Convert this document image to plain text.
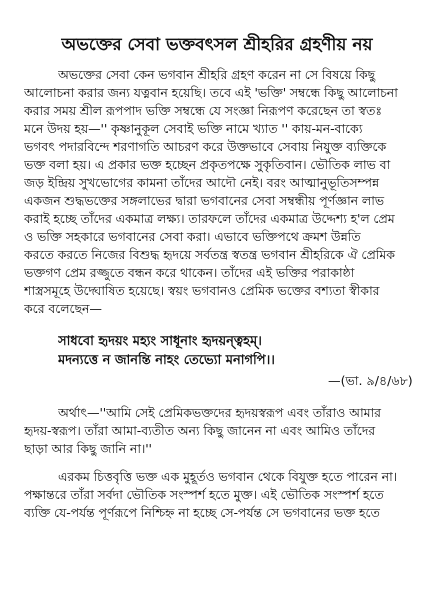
অভক্তের সেবা ভক্তবৎসল শ্রীহরির গ্রহণীয় নয়
অভক্তের সেবা কেন ভগবান শ্রীহরি গ্রহণ করেন না সে বিষয়ে কিছু
আলোচনা করার জন্য যত্নবান হয়েছি। তবে এই 'ভক্তি' সম্বন্ধে কিছু আলোচনা
করার সময় শ্রীল রূপপাদ ভক্তি সম্বন্ধে যে সংজ্ঞা নিরূপণ করেছেন তা স্বতঃ
মনে উদয় হয়—'' কৃষ্ণানুকূল সেবাই ভক্তি নামে খ্যাত '' কায়-মন-বাক্যে
ভগবৎ পদারবিন্দে শরণাগতি আচরণ করে উক্তভাবে সেবায় নিযুক্ত ব্যক্তিকে
ভক্ত বলা হয়। এ প্রকার ভক্ত হচ্ছেন প্রকৃতপক্ষে সুকৃতিবান। ভৌতিক লাভ বা
জড় ইন্দ্রিয় সুখভোগের কামনা তাঁদের আদৌ নেই। বরং আত্মানুভূতিসম্পন্ন
একজন শুদ্ধভক্তের সঙ্গলাভের দ্বারা ভগবানের সেবা সম্বন্ধীয় পূর্ণজ্ঞান লাভ
করাই হচ্ছে তাঁদের একমাত্র লক্ষ্য। তারফলে তাঁদের একমাত্র উদ্দেশ্য হ'ল প্রেম
ও ভক্তি সহকারে ভগবানের সেবা করা। এভাবে ভক্তিপথে ক্রমশ উন্নতি
করতে করতে নিজের বিশুদ্ধ হৃদয়ে সর্বতন্ত্র স্বতন্ত্র ভগবান শ্রীহরিকে ঐ প্রেমিক
ভক্তগণ প্রেম রজ্জুতে বন্ধন করে থাকেন। তাঁদের এই ভক্তির পরাকাষ্ঠা
শাস্ত্রসমূহে উদ্ঘোষিত হয়েছে। স্বয়ং ভগবানও প্রেমিক ভক্তের বশ্যতা স্বীকার
করে বলেছেন—
সাধবো হৃদয়ং মহ্যং সাধূনাং হৃদয়ন্ত্বহম্।
মদন্যত্তে ন জানন্তি নাহং তেভ্যো মনাগপি।।
—(ভা. ৯/৪/৬৮)
অর্থাৎ—''আমি সেই প্রেমিকভক্তদের হৃদয়স্বরূপ এবং তাঁরাও আমার
হৃদয়-স্বরূপ। তাঁরা আমা-ব্যতীত অন্য কিছু জানেন না এবং আমিও তাঁদের
ছাড়া আর কিছু জানি না।''
এরকম চিত্তবৃত্তি ভক্ত এক মুহূর্তও ভগবান থেকে বিযুক্ত হতে পারেন না।
পক্ষান্তরে তাঁরা সর্বদা ভৌতিক সংস্পর্শ হতে মুক্ত। এই ভৌতিক সংস্পর্শ হতে
ব্যক্তি যে-পর্যন্ত পূর্ণরূপে নিশ্চিহ্ন না হচ্ছে সে-পর্যন্ত সে ভগবানের ভক্ত হতে
